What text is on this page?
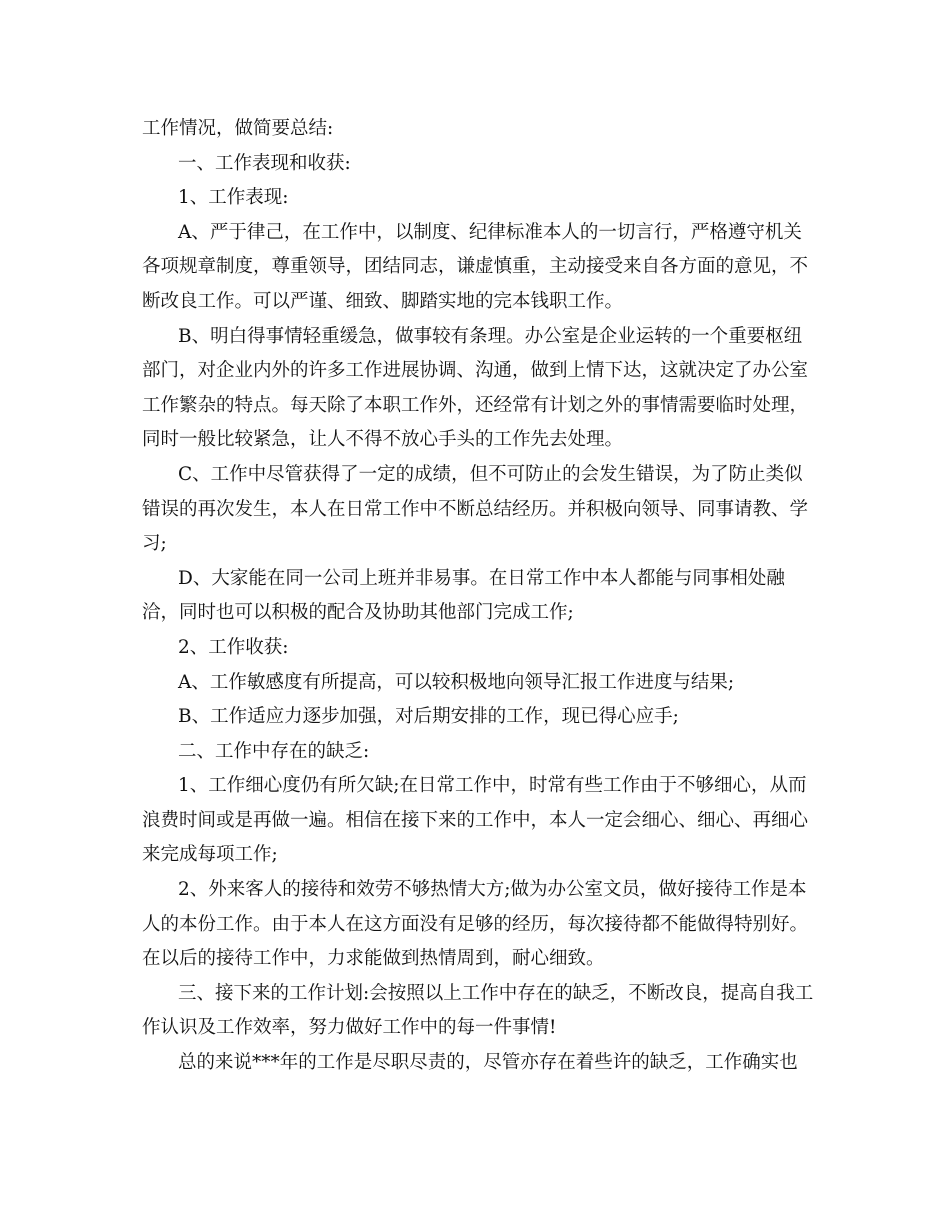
工作情况，做简要总结:

一、工作表现和收获:

1、工作表现:

A、严于律己，在工作中，以制度、纪律标准本人的一切言行，严格遵守机关各项规章制度，尊重领导，团结同志，谦虚慎重，主动接受来自各方面的意见，不断改良工作。可以严谨、细致、脚踏实地的完本钱职工作。

B、明白得事情轻重缓急，做事较有条理。办公室是企业运转的一个重要枢纽部门，对企业内外的许多工作进展协调、沟通，做到上情下达，这就决定了办公室工作繁杂的特点。每天除了本职工作外，还经常有计划之外的事情需要临时处理，同时一般比较紧急，让人不得不放心手头的工作先去处理。

C、工作中尽管获得了一定的成绩，但不可防止的会发生错误，为了防止类似错误的再次发生，本人在日常工作中不断总结经历。并积极向领导、同事请教、学习;

D、大家能在同一公司上班并非易事。在日常工作中本人都能与同事相处融洽，同时也可以积极的配合及协助其他部门完成工作;

2、工作收获:

A、工作敏感度有所提高，可以较积极地向领导汇报工作进度与结果;

B、工作适应力逐步加强，对后期安排的工作，现已得心应手;

二、工作中存在的缺乏:

1、工作细心度仍有所欠缺;在日常工作中，时常有些工作由于不够细心，从而浪费时间或是再做一遍。相信在接下来的工作中，本人一定会细心、细心、再细心来完成每项工作;

2、外来客人的接待和效劳不够热情大方;做为办公室文员，做好接待工作是本人的本份工作。由于本人在这方面没有足够的经历，每次接待都不能做得特别好。在以后的接待工作中，力求能做到热情周到，耐心细致。

三、接下来的工作计划:会按照以上工作中存在的缺乏，不断改良，提高自我工作认识及工作效率，努力做好工作中的每一件事情!

总的来说***年的工作是尽职尽责的，尽管亦存在着些许的缺乏，工作确实也
